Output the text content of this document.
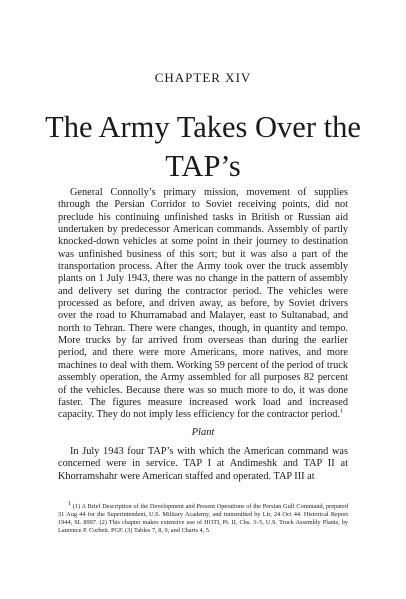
CHAPTER XIV
The Army Takes Over the TAP’s

General Connolly’s primary mission, movement of supplies through the Persian Corridor to Soviet receiving points, did not preclude his continuing unfinished tasks in British or Russian aid undertaken by predecessor American commands. Assembly of partly knocked-down vehicles at some point in their journey to destination was unfinished business of this sort; but it was also a part of the transportation process. After the Army took over the truck assembly plants on 1 July 1943, there was no change in the pattern of assembly and delivery set during the contractor period. The vehicles were processed as before, and driven away, as before, by Soviet drivers over the road to Khurramabad and Malayer, east to Sultanabad, and north to Tehran. There were changes, though, in quantity and tempo. More trucks by far arrived from overseas than during the earlier period, and there were more Americans, more natives, and more machines to deal with them. Working 59 percent of the period of truck assembly operation, the Army assembled for all purposes 82 percent of the vehicles. Because there was so much more to do, it was done faster. The figures measure increased work load and increased capacity. They do not imply less efficiency for the contractor period.$^1$

Plant

In July 1943 four TAP’s with which the American command was concerned were in service. TAP I at Andimeshk and TAP II at Khorramshahr were American staffed and operated. TAP III at

1 (1) A Brief Description of the Development and Present Operations of the Persian Gulf Command, prepared 31 Aug 44 for the Superintendent, U.S. Military Academy, and transmitted by Ltr, 24 Oct 44. Historical Report 1944, SL 8997. (2) This chapter makes extensive use of HOTI, Pt. II, Chs. 3–5, U.S. Truck Assembly Plants, by Laurence P. Corbett. PGF. (3) Tables 7, 8, 9, and Charts 4, 5.
